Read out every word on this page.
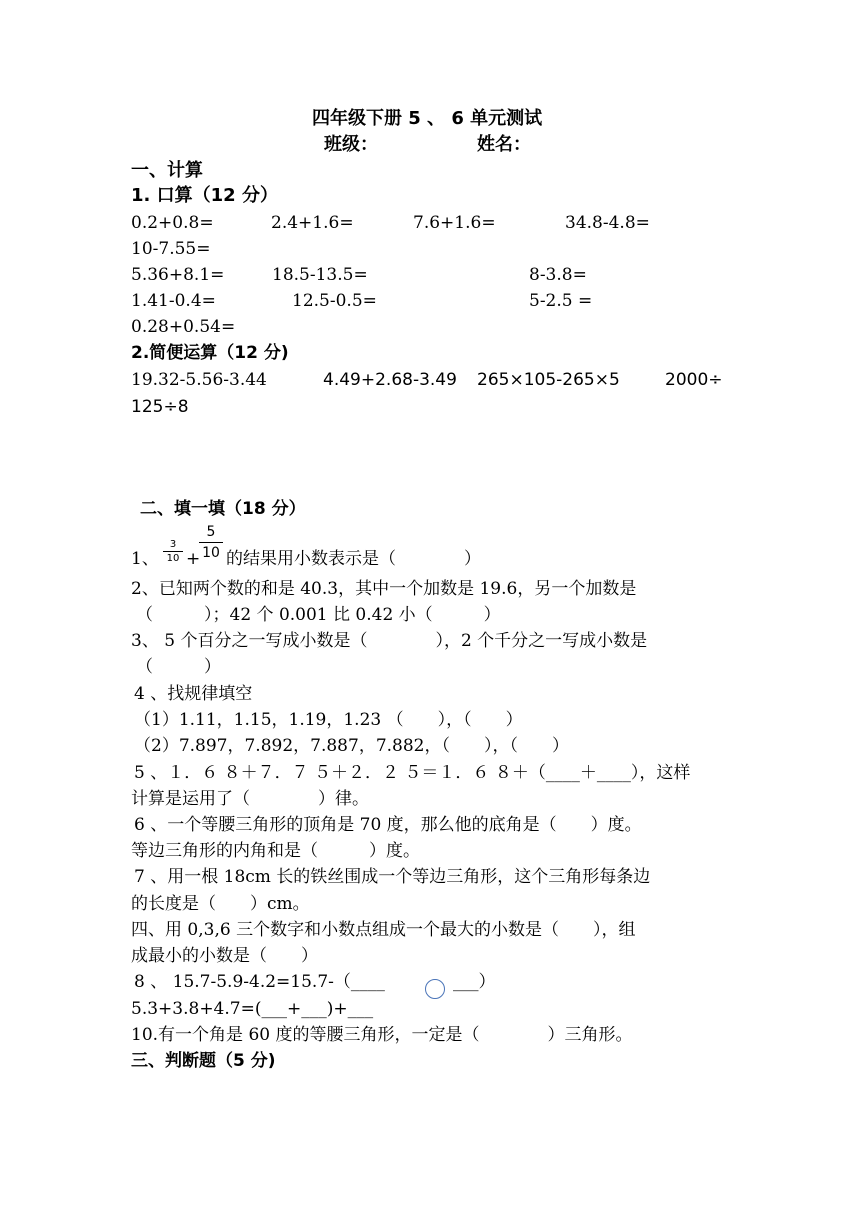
四年级下册 5 、 6 单元测试
班级：	姓名：
一、计算
1. 口算（12 分）
0.2+0.8=	2.4+1.6=	7.6+1.6=	34.8-4.8=
10-7.55=
5.36+8.1=	18.5-13.5=	8-3.8=
1.41-0.4=	12.5-0.5=	5-2.5 =
0.28+0.54=
2.简便运算（12 分)
19.32-5.56-3.44	4.49+2.68-3.49 265×105-265×5	2000÷
125÷8
二、填一填（18 分）
1、 $\frac{3}{10}$ +
$\frac{5}{10}$ 的结果用小数表示是（　　　　）
2、已知两个数的和是 40.3，其中一个加数是 19.6，另一个加数是
（　　　）；42 个 0.001 比 0.42 小（　　　）
3、 5 个百分之一写成小数是（　　　　），2 个千分之一写成小数是
（　　　）
4 、找规律填空
（1）1.11，1.15，1.19，1.23 （　　），（　　）
（2）7.897，7.892，7.887，7.882，（　　），（　　）
5 、１．６ ８＋７．７ ５＋２．２ ５＝１．６ ８＋（____＋____），这样
计算是运用了（　　　　）律。
6 、一个等腰三角形的顶角是 70 度，那么他的底角是（　　）度。
等边三角形的内角和是（　　　）度。
7 、用一根 18cm 长的铁丝围成一个等边三角形，这个三角形每条边
的长度是（　　）cm。
四、用 0,3,6 三个数字和小数点组成一个最大的小数是（　　），组
成最小的小数是（　　）
8 、 15.7-5.9-4.2=15.7-（____	___）
5.3+3.8+4.7=(___+___)+___
10.有一个角是 60 度的等腰三角形，一定是（　　　　）三角形。
三、判断题（5 分)
